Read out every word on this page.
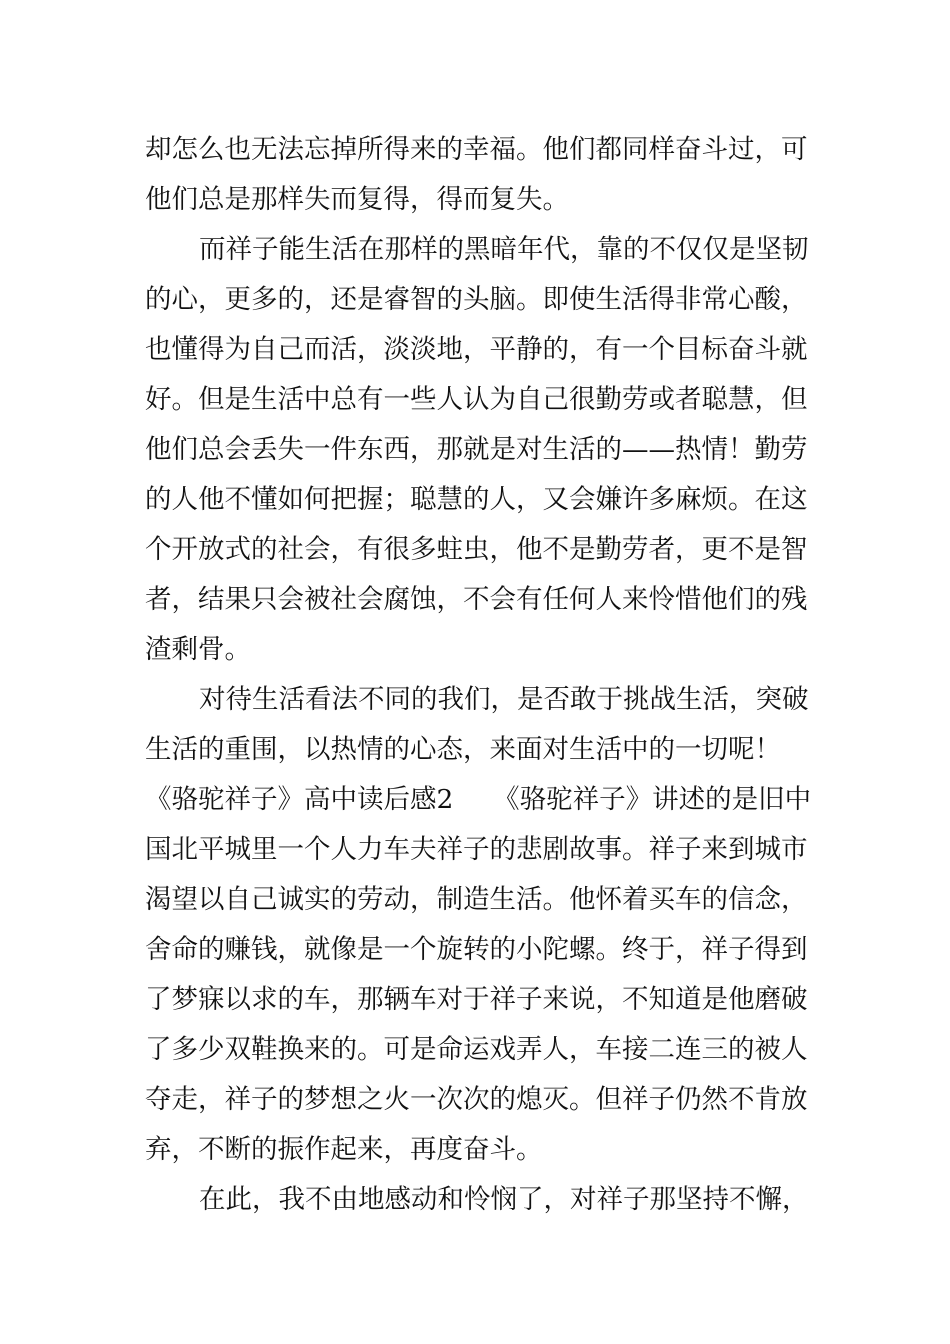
却怎么也无法忘掉所得来的幸福。他们都同样奋斗过，可
他们总是那样失而复得，得而复失。
而祥子能生活在那样的黑暗年代，靠的不仅仅是坚韧
的心，更多的，还是睿智的头脑。即使生活得非常心酸，
也懂得为自己而活，淡淡地，平静的，有一个目标奋斗就
好。但是生活中总有一些人认为自己很勤劳或者聪慧，但
他们总会丢失一件东西，那就是对生活的——热情！勤劳
的人他不懂如何把握；聪慧的人，又会嫌许多麻烦。在这
个开放式的社会，有很多蛀虫，他不是勤劳者，更不是智
者，结果只会被社会腐蚀，不会有任何人来怜惜他们的残
渣剩骨。
对待生活看法不同的我们，是否敢于挑战生活，突破
生活的重围，以热情的心态，来面对生活中的一切呢！
《骆驼祥子》高中读后感2　　《骆驼祥子》讲述的是旧中
国北平城里一个人力车夫祥子的悲剧故事。祥子来到城市
渴望以自己诚实的劳动，制造生活。他怀着买车的信念，
舍命的赚钱，就像是一个旋转的小陀螺。终于，祥子得到
了梦寐以求的车，那辆车对于祥子来说，不知道是他磨破
了多少双鞋换来的。可是命运戏弄人，车接二连三的被人
夺走，祥子的梦想之火一次次的熄灭。但祥子仍然不肯放
弃，不断的振作起来，再度奋斗。
在此，我不由地感动和怜悯了，对祥子那坚持不懈，
